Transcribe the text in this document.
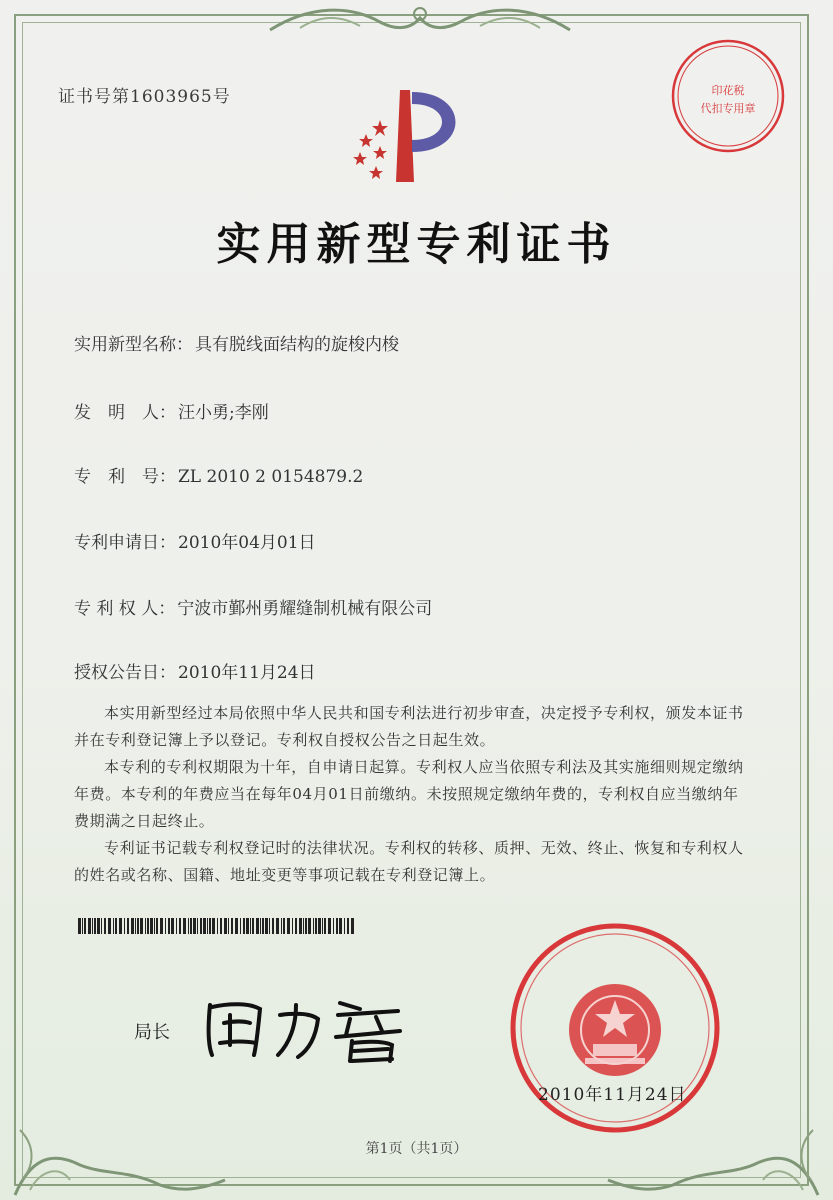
证书号第1603965号	印花税
代扣专用章
实用新型专利证书
实用新型名称： 具有脱线面结构的旋梭内梭
发　明　人： 汪小勇;李刚
专　利　号： ZL 2010 2 0154879.2
专利申请日： 2010年04月01日
专 利 权 人： 宁波市鄞州勇耀缝制机械有限公司
授权公告日： 2010年11月24日

本实用新型经过本局依照中华人民共和国专利法进行初步审查，决定授予专利权，颁发本证书并在专利登记簿上予以登记。专利权自授权公告之日起生效。

本专利的专利权期限为十年，自申请日起算。专利权人应当依照专利法及其实施细则规定缴纳年费。本专利的年费应当在每年04月01日前缴纳。未按照规定缴纳年费的，专利权自应当缴纳年费期满之日起终止。

专利证书记载专利权登记时的法律状况。专利权的转移、质押、无效、终止、恢复和专利权人的姓名或名称、国籍、地址变更等事项记载在专利登记簿上。

局长
2010年11月24日
第1页（共1页）
